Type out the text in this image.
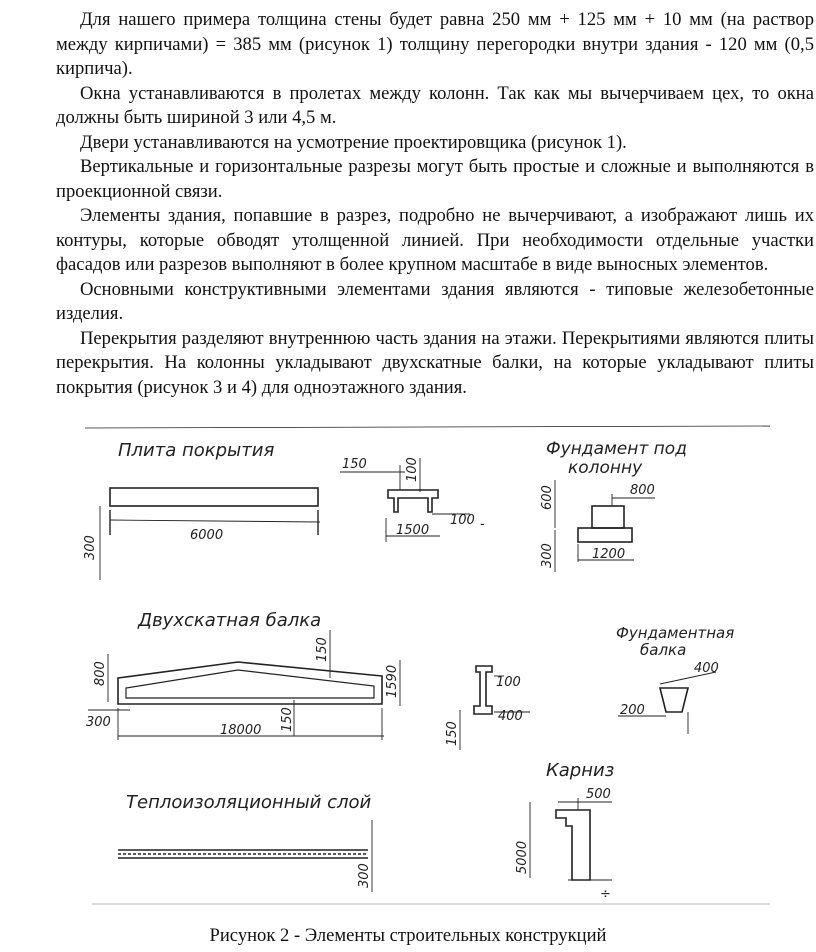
Для нашего примера толщина стены будет равна 250 мм + 125 мм + 10 мм (на раствор между кирпичами) = 385 мм (рисунок 1) толщину перегородки внутри здания - 120 мм (0,5 кирпича).

Окна устанавливаются в пролетах между колонн. Так как мы вычерчиваем цех, то окна должны быть шириной 3 или 4,5 м.

Двери устанавливаются на усмотрение проектировщика (рисунок 1).

Вертикальные и горизонтальные разрезы могут быть простые и сложные и выполняются в проекционной связи.

Элементы здания, попавшие в разрез, подробно не вычерчивают, а изображают лишь их контуры, которые обводят утолщенной линией. При необходимости отдельные участки фасадов или разрезов выполняют в более крупном масштабе в виде выносных элементов.

Основными конструктивными элементами здания являются - типовые железобетонные изделия.

Перекрытия разделяют внутреннюю часть здания на этажи. Перекрытиями являются плиты перекрытия. На колонны укладывают двухскатные балки, на которые укладывают плиты покрытия (рисунок 3 и 4) для одноэтажного здания.

Плита покрытия
6000
300
150	100
100 -
1500
Фундамент под
колонну
800
600
300	1200
Двухскатная балка
800
150
1590
300
18000 150
100
400
150
Фундаментная
балка
400
200
Теплоизоляционный слой
300
Карниз
500
5000
÷
Рисунок 2 - Элементы строительных конструкций
